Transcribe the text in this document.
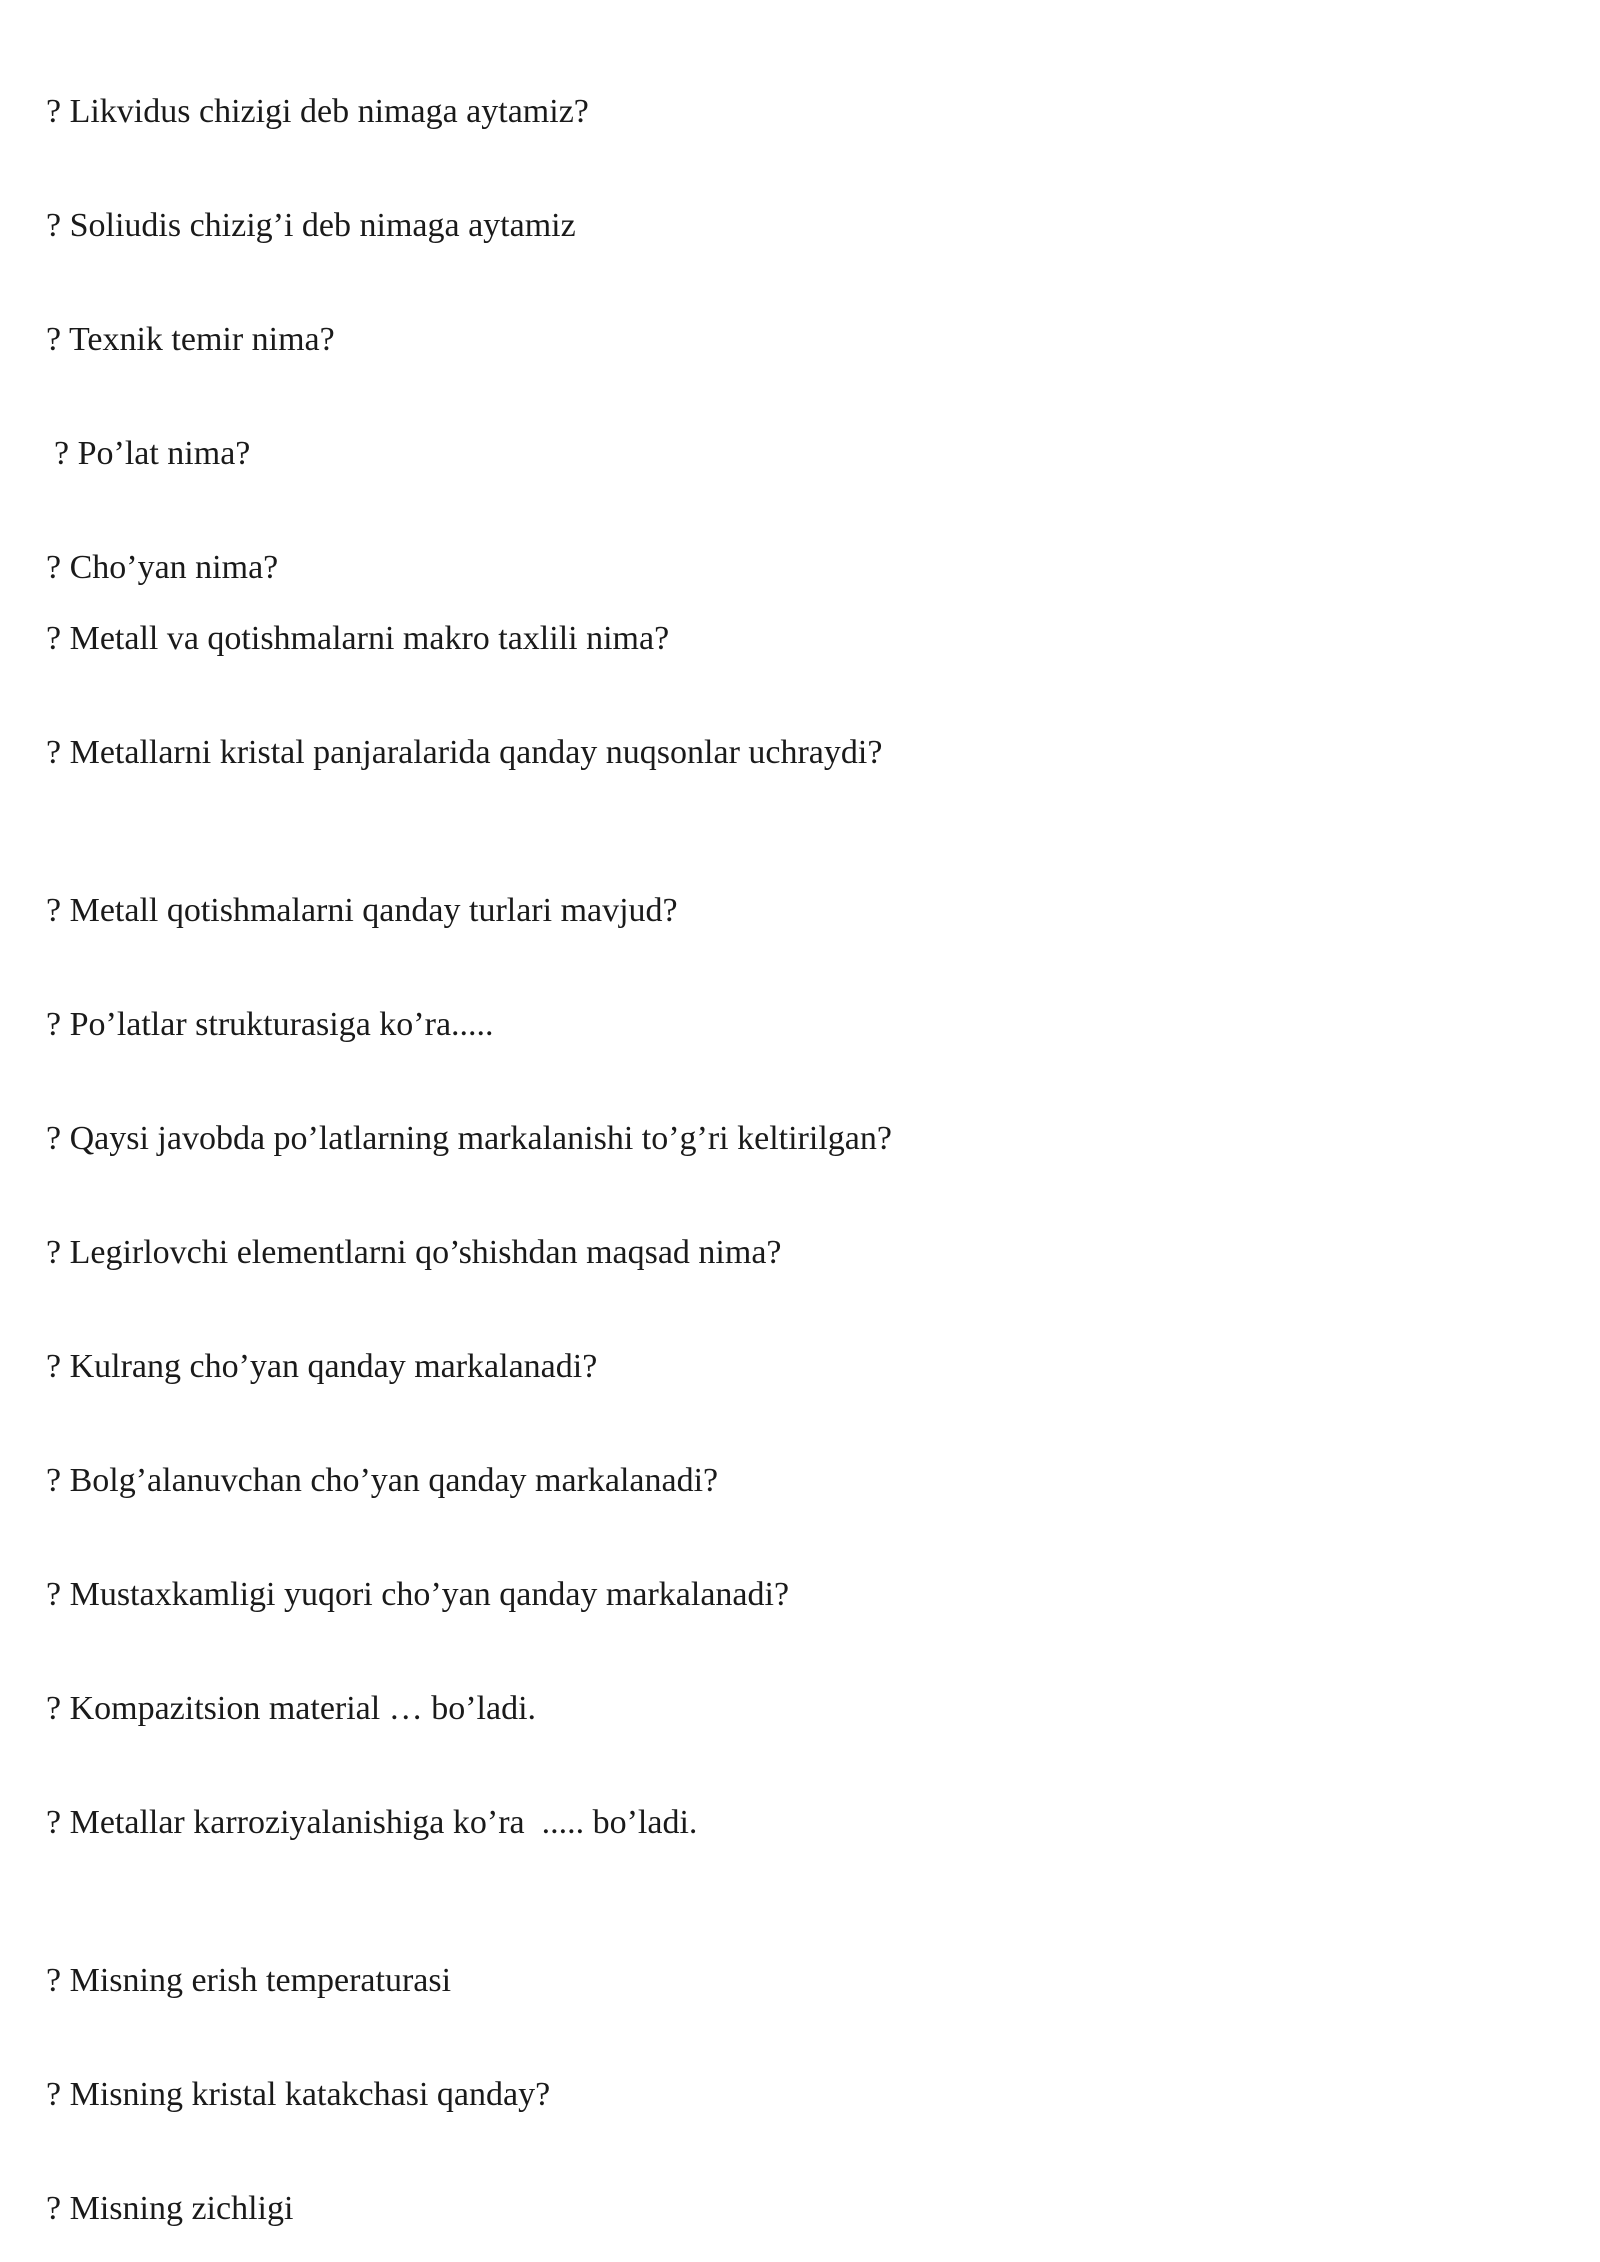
? Likvidus chizigi deb nimaga aytamiz?
? Soliudis chizig’i deb nimaga aytamiz
? Texnik temir nima?
? Po’lat nima?
? Cho’yan nima?
? Metall va qotishmalarni makro taxlili nima?
? Metallarni kristal panjaralarida qanday nuqsonlar uchraydi?
? Metall qotishmalarni qanday turlari mavjud?
? Po’latlar strukturasiga ko’ra.....
? Qaysi javobda po’latlarning markalanishi to’g’ri keltirilgan?
? Legirlovchi elementlarni qo’shishdan maqsad nima?
? Kulrang cho’yan qanday markalanadi?
? Bolg’alanuvchan cho’yan qanday markalanadi?
? Mustaxkamligi yuqori cho’yan qanday markalanadi?
? Kompazitsion material … bo’ladi.
? Metallar karroziyalanishiga ko’ra  ..... bo’ladi.
? Misning erish temperaturasi
? Misning kristal katakchasi qanday?
? Misning zichligi
